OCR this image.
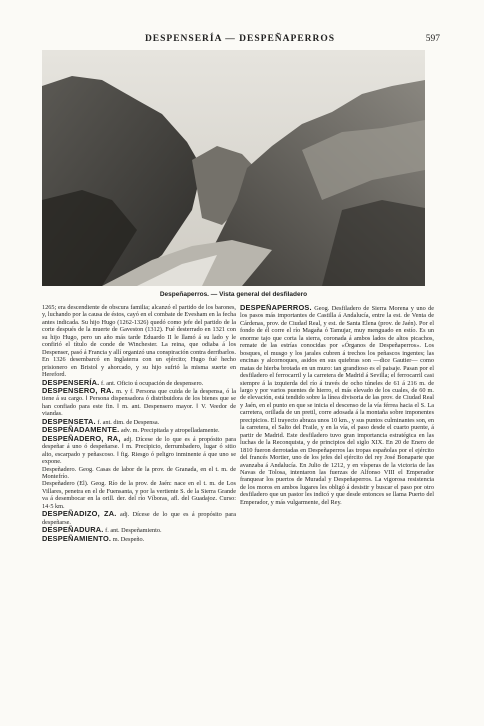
DESPENSERÍA — DESPEÑAPERROS	597
Despeñaperros. — Vista general del desfiladero

1265; era descendiente de obscura familia; alcanzó el partido de los barones, y, luchando por la causa de éstos, cayó en el combate de Evesham en la fecha antes indicada. Su hijo Hugo (1262-1326) quedó como jefe del partido de la corte después de la muerte de Gaveston (1312). Fué desterrado en 1321 con su hijo Hugo, pero un año más tarde Eduardo II le llamó á su lado y le confirió el título de conde de Winchester. La reina, que odiaba á los Despenser, pasó á Francia y allí organizó una conspiración contra derribarlos. En 1326 desembarcó en Inglaterra con un ejército; Hugo fué hecho prisionero en Bristol y ahorcado, y su hijo sufrió la misma suerte en Hereford.

DESPENSERÍA. f. ant. Oficio ú ocupación de despensero.

DESPENSERO, RA. m. y f. Persona que cuida de la despensa, ó la tiene á su cargo. ‖ Persona dispensadora ó distribuidora de los bienes que se han confiado para este fin. ‖ m. ant. Despensero mayor. ‖ V. Veedor de viandas.

DESPENSETA. f. ant. dim. de Despensa.

DESPEÑADAMENTE. adv. m. Precipitada y atropelladamente.

DESPEÑADERO, RA, adj. Dícese de lo que es á propósito para despeñar á uno ó despeñarse. ‖ m. Precipicio, derrumbadero, lugar ó sitio alto, escarpado y peñascoso. ‖ fig. Riesgo ó peligro inminente á que uno se expone.

Despeñadero. Geog. Casas de labor de la prov. de Granada, en el t. m. de Montefrío.

Despeñadero (El). Geog. Río de la prov. de Jaén: nace en el t. m. de Los Villares, penetra en el de Fuensanta, y por la vertiente S. de la Sierra Grande va á desembocar en la orill. der. del río Víboras, afl. del Guadajoz. Curso: 14·5 km.

DESPEÑADIZO, ZA. adj. Dícese de lo que es á propósito para despeñarse.

DESPEÑADURA. f. ant. Despeñamiento.

DESPEÑAMIENTO. m. Despeño.

DESPEÑAPERROS. Geog. Desfiladero de Sierra Morena y uno de los pasos más importantes de Castilla á Andalucía, entre la est. de Venta de Cárdenas, prov. de Ciudad Real, y est. de Santa Elena (prov. de Jaén). Por el fondo de él corre el río Magaña ó Tamujar, muy menguado en estío. Es un enorme tajo que corta la sierra, coronada á ambos lados de altos picachos, remate de las estrías conocidas por «Órganos de Despeñaperros». Los bosques, el musgo y los jarales cubren á trechos los peñascos ingentes; las encinas y alcornoques, asidos en sus quiebras son —dice Gautier— como matas de hierba brotada en un muro: tan grandioso es el paisaje. Pasan por el desfiladero el ferrocarril y la carretera de Madrid á Sevilla; el ferrocarril casi siempre á la izquierda del río á través de ocho túneles de 61 á 216 m. de largo y por varios puentes de hierro, el más elevado de los cuales, de 60 m. de elevación, está tendido sobre la línea divisoria de las prov. de Ciudad Real y Jaén, en el punto en que se inicia el descenso de la vía férrea hacia el S. La carretera, orillada de un pretil, corre adosada á la montaña sobre imponentes precipicios. El trayecto abraza unos 10 km., y sus puntos culminantes son, en la carretera, el Salto del Fraile, y en la vía, el paso desde el cuarto puente, á partir de Madrid. Este desfiladero tuvo gran importancia estratégica en las luchas de la Reconquista, y de principios del siglo XIX. En 20 de Enero de 1810 fueron derrotadas en Despeñaperros las tropas españolas por el ejército del francés Mortier, uno de los jefes del ejército del rey José Bonaparte que avanzaba á Andalucía. En Julio de 1212, y en vísperas de la victoria de las Navas de Tolosa, intentaron las fuerzas de Alfonso VIII el Emperador franquear los puertos de Muradal y Despeñaperros. La vigorosa resistencia de los moros en ambos lugares les obligó á desistir y buscar el paso por otro desfiladero que un pastor les indicó y que desde entonces se llama Puerto del Emperador, y más vulgarmente, del Rey.
